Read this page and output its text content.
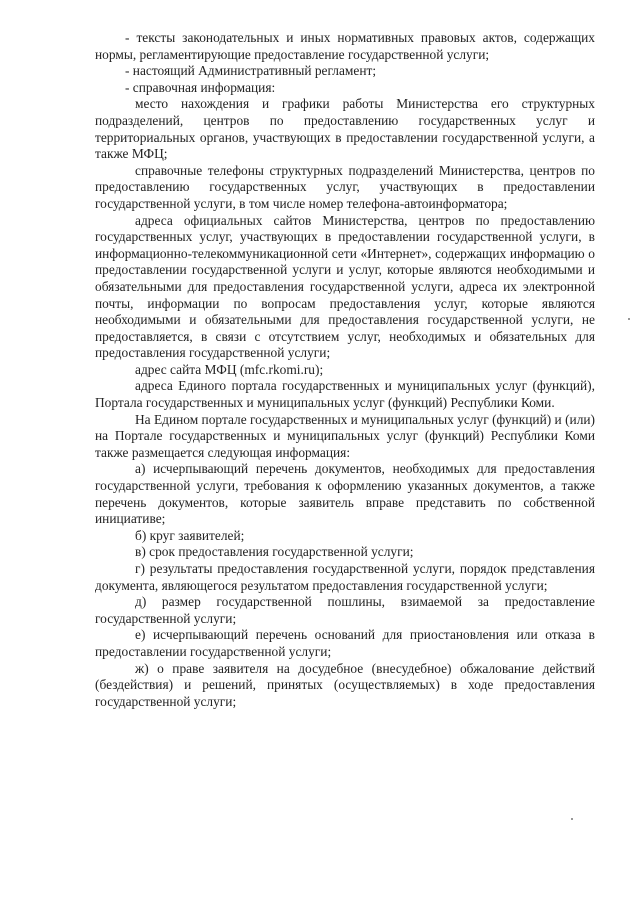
- тексты законодательных и иных нормативных правовых актов, содержащих нормы, регламентирующие предоставление государственной услуги;

- настоящий Административный регламент;

- справочная информация:

место нахождения и графики работы Министерства его структурных подразделений, центров по предоставлению государственных услуг и территориальных органов, участвующих в предоставлении государственной услуги, а также МФЦ;

справочные телефоны структурных подразделений Министерства, центров по предоставлению государственных услуг, участвующих в предоставлении государственной услуги, в том числе номер телефона-автоинформатора;

адреса официальных сайтов Министерства, центров по предоставлению государственных услуг, участвующих в предоставлении государственной услуги, в информационно-телекоммуникационной сети «Интернет», содержащих информацию о предоставлении государственной услуги и услуг, которые являются необходимыми и обязательными для предоставления государственной услуги, адреса их электронной почты, информации по вопросам предоставления услуг, которые являются необходимыми и обязательными для предоставления государственной услуги, не предоставляется, в связи с отсутствием услуг, необходимых и обязательных для предоставления государственной услуги;

адрес сайта МФЦ (mfc.rkomi.ru);

адреса Единого портала государственных и муниципальных услуг (функций), Портала государственных и муниципальных услуг (функций) Республики Коми.

На Едином портале государственных и муниципальных услуг (функций) и (или) на Портале государственных и муниципальных услуг (функций) Республики Коми также размещается следующая информация:

а) исчерпывающий перечень документов, необходимых для предоставления государственной услуги, требования к оформлению указанных документов, а также перечень документов, которые заявитель вправе представить по собственной инициативе;

б) круг заявителей;

в) срок предоставления государственной услуги;

г) результаты предоставления государственной услуги, порядок представления документа, являющегося результатом предоставления государственной услуги;

д) размер государственной пошлины, взимаемой за предоставление государственной услуги;

е) исчерпывающий перечень оснований для приостановления или отказа в предоставлении государственной услуги;

ж) о праве заявителя на досудебное (внесудебное) обжалование действий (бездействия) и решений, принятых (осуществляемых) в ходе предоставления государственной услуги;
